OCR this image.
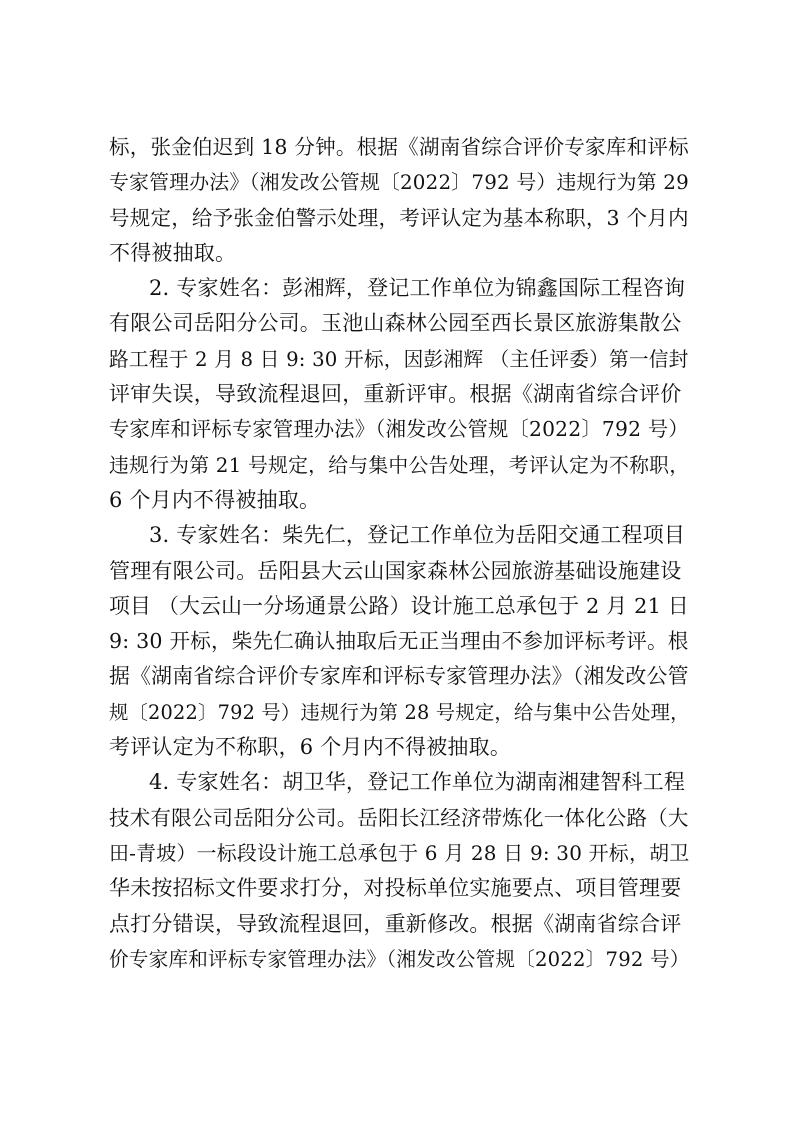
标，张金伯迟到 18 分钟。根据《湖南省综合评价专家库和评标
专家管理办法》（湘发改公管规〔2022〕792 号）违规行为第 29
号规定，给予张金伯警示处理，考评认定为基本称职，3 个月内
不得被抽取。
2. 专家姓名：彭湘辉，登记工作单位为锦鑫国际工程咨询
有限公司岳阳分公司。玉池山森林公园至西长景区旅游集散公
路工程于 2 月 8 日 9: 30 开标，因彭湘辉 （主任评委）第一信封
评审失误，导致流程退回，重新评审。根据《湖南省综合评价
专家库和评标专家管理办法》（湘发改公管规〔2022〕792 号）
违规行为第 21 号规定，给与集中公告处理，考评认定为不称职，
6 个月内不得被抽取。
3. 专家姓名：柴先仁，登记工作单位为岳阳交通工程项目
管理有限公司。岳阳县大云山国家森林公园旅游基础设施建设
项目 （大云山一分场通景公路）设计施工总承包于 2 月 21 日
9: 30 开标，柴先仁确认抽取后无正当理由不参加评标考评。根
据《湖南省综合评价专家库和评标专家管理办法》（湘发改公管
规〔2022〕792 号）违规行为第 28 号规定，给与集中公告处理，
考评认定为不称职，6 个月内不得被抽取。
4. 专家姓名：胡卫华，登记工作单位为湖南湘建智科工程
技术有限公司岳阳分公司。岳阳长江经济带炼化一体化公路（大
田-青坡）一标段设计施工总承包于 6 月 28 日 9: 30 开标，胡卫
华未按招标文件要求打分，对投标单位实施要点、项目管理要
点打分错误，导致流程退回，重新修改。根据《湖南省综合评
价专家库和评标专家管理办法》（湘发改公管规〔2022〕792 号）
